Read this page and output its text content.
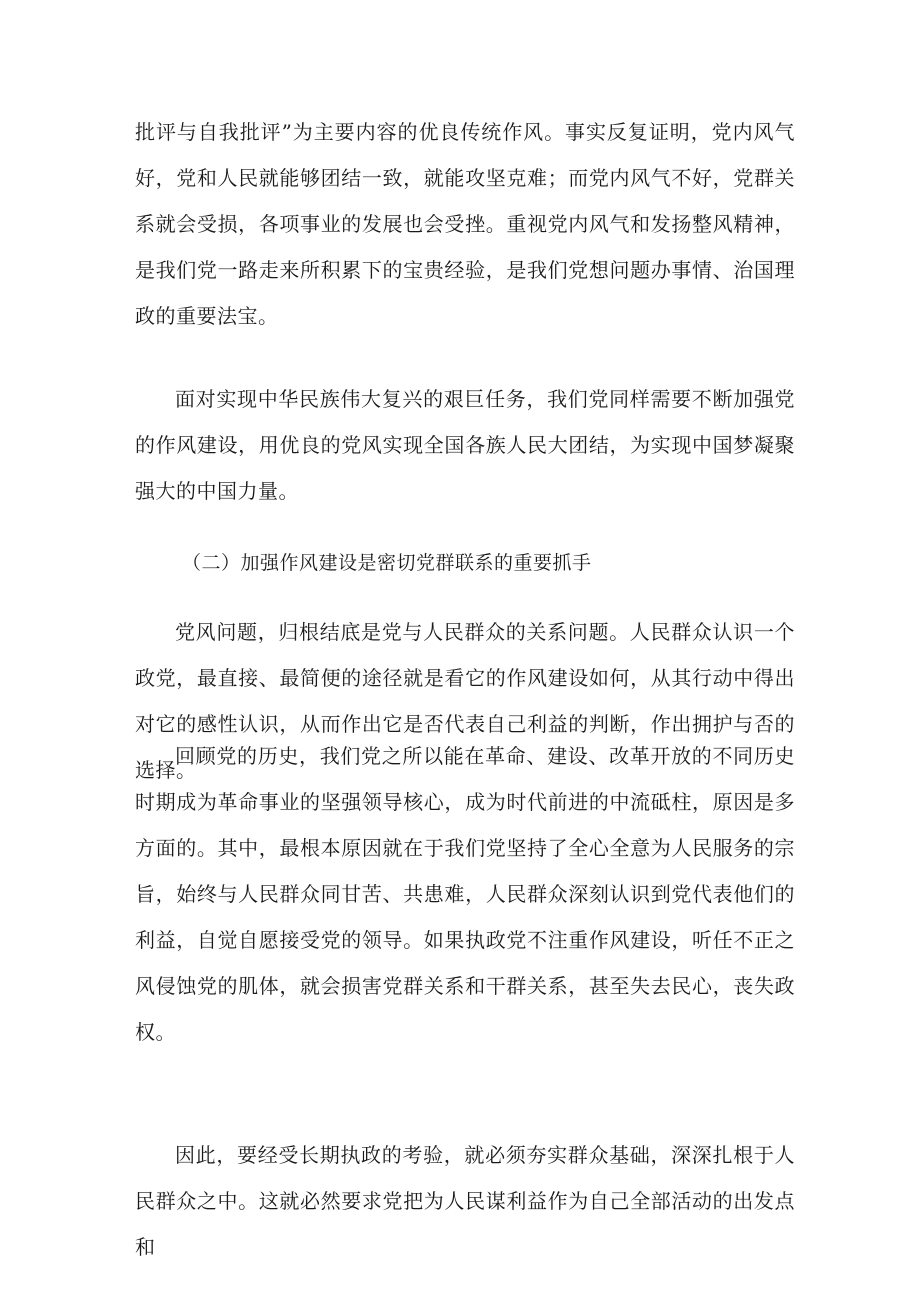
批评与自我批评”为主要内容的优良传统作风。事实反复证明，党内风气好，党和人民就能够团结一致，就能攻坚克难；而党内风气不好，党群关系就会受损，各项事业的发展也会受挫。重视党内风气和发扬整风精神，是我们党一路走来所积累下的宝贵经验，是我们党想问题办事情、治国理政的重要法宝。

面对实现中华民族伟大复兴的艰巨任务，我们党同样需要不断加强党的作风建设，用优良的党风实现全国各族人民大团结，为实现中国梦凝聚强大的中国力量。

（二）加强作风建设是密切党群联系的重要抓手

党风问题，归根结底是党与人民群众的关系问题。人民群众认识一个政党，最直接、最简便的途径就是看它的作风建设如何，从其行动中得出对它的感性认识，从而作出它是否代表自己利益的判断，作出拥护与否的选择。

回顾党的历史，我们党之所以能在革命、建设、改革开放的不同历史时期成为革命事业的坚强领导核心，成为时代前进的中流砥柱，原因是多方面的。其中，最根本原因就在于我们党坚持了全心全意为人民服务的宗旨，始终与人民群众同甘苦、共患难，人民群众深刻认识到党代表他们的利益，自觉自愿接受党的领导。如果执政党不注重作风建设，听任不正之风侵蚀党的肌体，就会损害党群关系和干群关系，甚至失去民心，丧失政权。

因此，要经受长期执政的考验，就必须夯实群众基础，深深扎根于人民群众之中。这就必然要求党把为人民谋利益作为自己全部活动的出发点和
